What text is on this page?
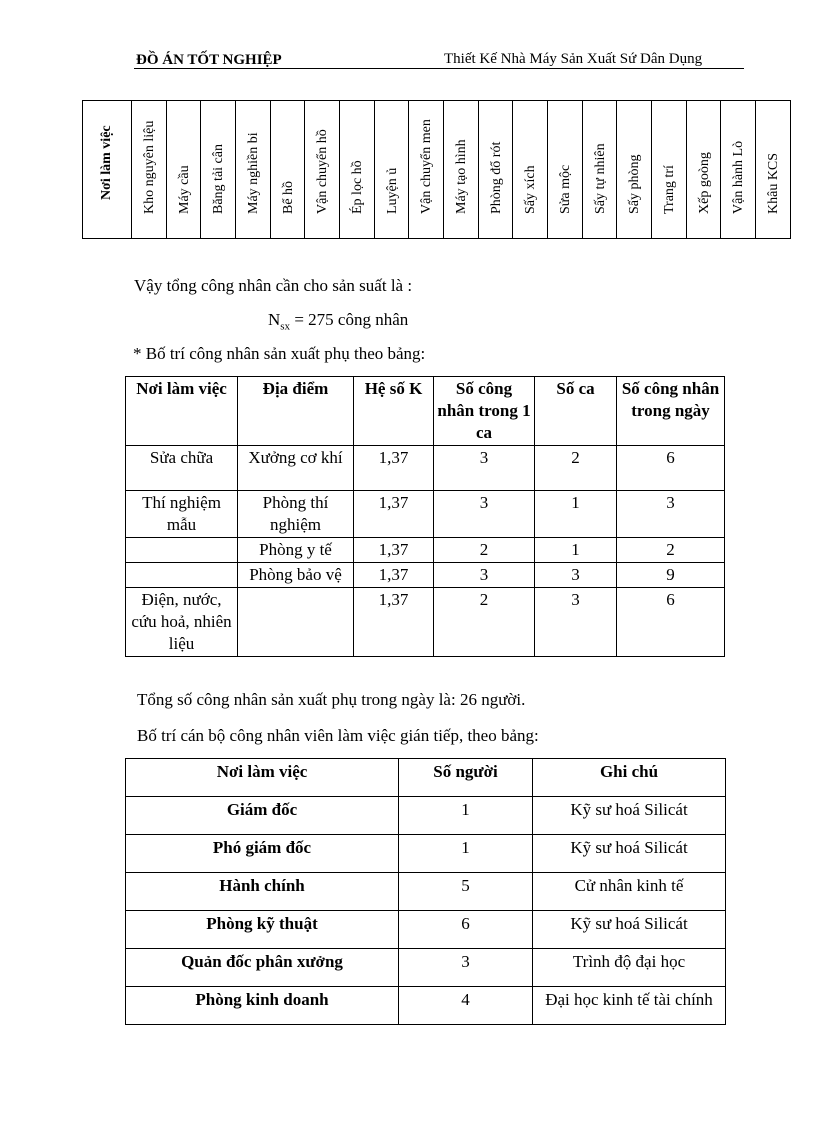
ĐỒ ÁN TỐT NGHIỆP	Thiết Kế Nhà Máy Sản Xuất Sứ Dân Dụng
Nơi làm việc	Kho nguyên liệu	Máy cầu	Băng tải cân	Máy nghiền bi	Bể hồ	Vận chuyển hồ	Ép lọc hồ	Luyện ủ	Vận chuyển men	Máy tạo hình	Phòng đổ rót	Sấy xích	Sửa mộc	Sấy tự nhiên	Sấy phòng	Trang trí	Xếp goòng	Vận hành Lò	Khâu KCS
Vậy tổng công nhân cần cho sản suất là :
$N_{sx} = 275$ công nhân
* Bố trí công nhân sản xuất phụ theo bảng:
Nơi làm việc	Địa điểm	Hệ số K	Số công nhân trong 1 ca	Số ca	Số công nhân trong ngày
Sửa chữa	Xưởng cơ khí	1,37	3	2	6
Thí nghiệm mẫu	Phòng thí nghiệm	1,37	3	1	3
	Phòng y tế	1,37	2	1	2
	Phòng bảo vệ	1,37	3	3	9
Điện, nước, cứu hoả, nhiên liệu		1,37	2	3	6
Tổng số công nhân sản xuất phụ trong ngày là: 26 người.
Bố trí cán bộ công nhân viên làm việc gián tiếp, theo bảng:
Nơi làm việc	Số người	Ghi chú
Giám đốc	1	Kỹ sư hoá Silicát
Phó giám đốc	1	Kỹ sư hoá Silicát
Hành chính	5	Cử nhân kinh tế
Phòng kỹ thuật	6	Kỹ sư hoá Silicát
Quản đốc phân xưởng	3	Trình độ đại học
Phòng kinh doanh	4	Đại học kinh tế tài chính
